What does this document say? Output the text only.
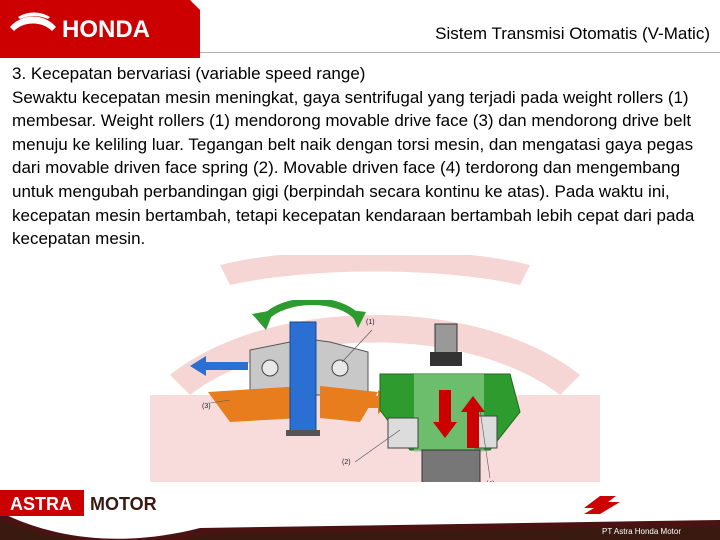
HONDA	Sistem Transmisi Otomatis (V-Matic)

3. Kecepatan bervariasi (variable speed range)

Sewaktu kecepatan mesin meningkat, gaya sentrifugal yang terjadi pada weight rollers (1) membesar. Weight rollers (1) mendorong movable drive face (3) dan mendorong drive belt menuju ke keliling luar. Tegangan belt naik dengan torsi mesin, dan mengatasi gaya pegas dari movable driven face spring (2). Movable driven face (4) terdorong dan mengembang untuk mengubah perbandingan gigi (berpindah secara kontinu ke atas). Pada waktu ini, kecepatan mesin bertambah, tetapi kecepatan kendaraan bertambah lebih cepat dari pada kecepatan mesin.

(1)
(3)
(2)
ASTRA MOTOR	AHM
PT Astra Honda Motor
